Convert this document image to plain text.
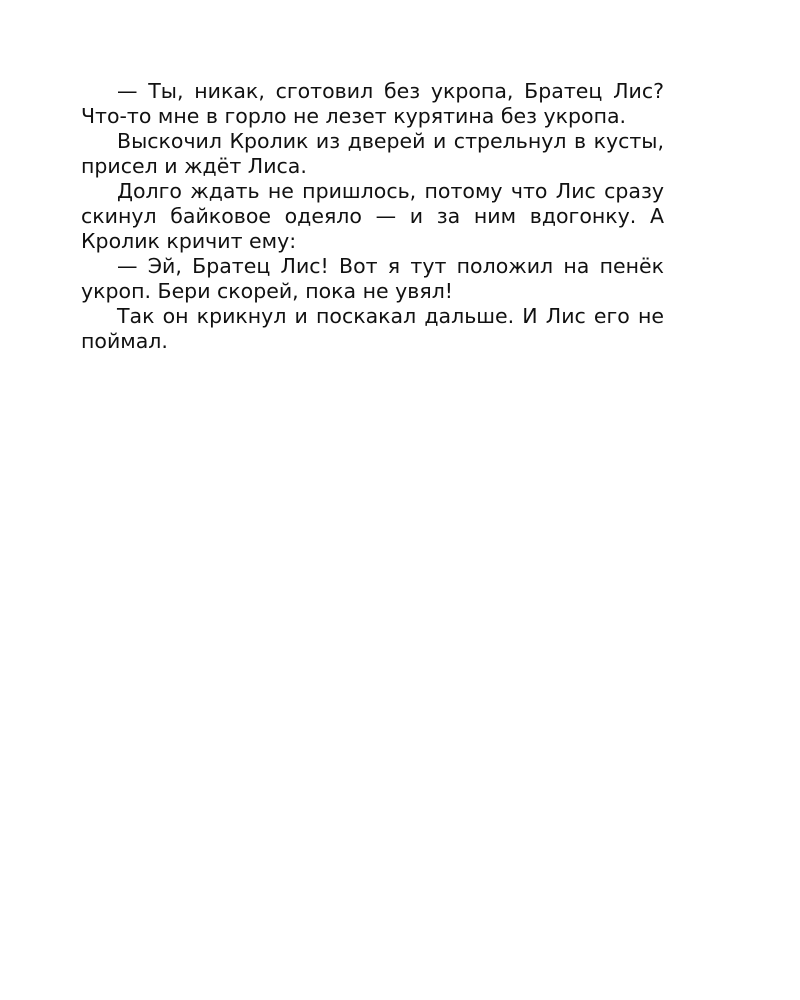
— Ты, никак, сготовил без укропа, Братец Лис? Что-то мне в горло не лезет курятина без укропа.

Выскочил Кролик из дверей и стрельнул в кусты, присел и ждёт Лиса.

Долго ждать не пришлось, потому что Лис сразу скинул байковое одеяло — и за ним вдогонку. А Кролик кричит ему:

— Эй, Братец Лис! Вот я тут положил на пенёк укроп. Бери скорей, пока не увял!

Так он крикнул и поскакал дальше. И Лис его не поймал.
